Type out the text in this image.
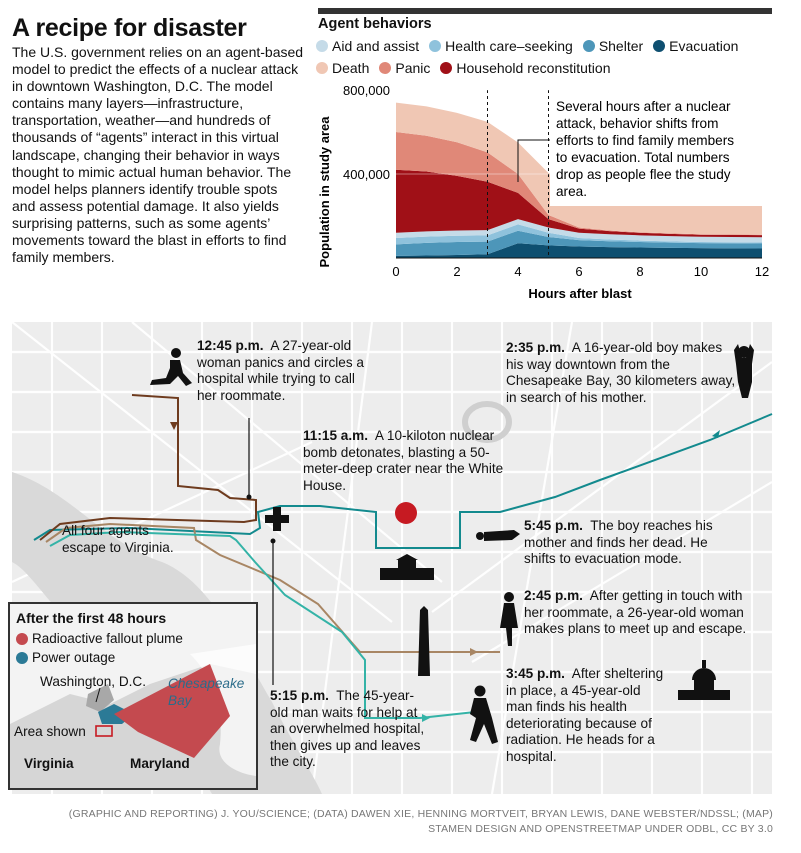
A recipe for disaster
The U.S. government relies on an agent-based model to predict the effects of a nuclear attack in downtown Washington, D.C. The model contains many layers—infrastructure, transportation, weather—and hundreds of thousands of “agents” interact in this virtual landscape, changing their behavior in ways thought to mimic actual human behavior. The model helps planners identify trouble spots and assess potential damage. It also yields surprising patterns, such as some agents’ movements toward the blast in efforts to find family members.
Agent behaviors
Aid and assist Health care–seeking Shelter Evacuation
Death Panic Household reconstitution
0	2	4	6	8	10	12
400,000
800,000
Population in study area
Hours after blast
Several hours after a nuclear attack, behavior shifts from efforts to find family members to evacuation. Total numbers drop as people flee the study area.
12:45 p.m. A 27-year-old woman panics and circles a hospital while trying to call her roommate.
2:35 p.m. A 16-year-old boy makes his way downtown from the Chesapeake Bay, 30 kilometers away, in search of his mother.
11:15 a.m. A 10-kiloton nuclear bomb detonates, blasting a 50-meter-deep crater near the White House.
All four agents escape to Virginia.
5:45 p.m. The boy reaches his mother and finds her dead. He shifts to evacuation mode.
2:45 p.m. After getting in touch with her roommate, a 26-year-old woman makes plans to meet up and escape.
3:45 p.m. After sheltering in place, a 45-year-old man finds his health deteriorating because of radiation. He heads for a hospital.
5:15 p.m. The 45-year-old man waits for help at an overwhelmed hospital, then gives up and leaves the city.
After the first 48 hours
Radioactive fallout plume
Power outage
Washington, D.C. Chesapeake Bay
Area shown
Virginia	Maryland
(GRAPHIC AND REPORTING) J. YOU/SCIENCE; (DATA) DAWEN XIE, HENNING MORTVEIT, BRYAN LEWIS, DANE WEBSTER/NDSSL; (MAP)
STAMEN DESIGN AND OPENSTREETMAP UNDER ODBL, CC BY 3.0
